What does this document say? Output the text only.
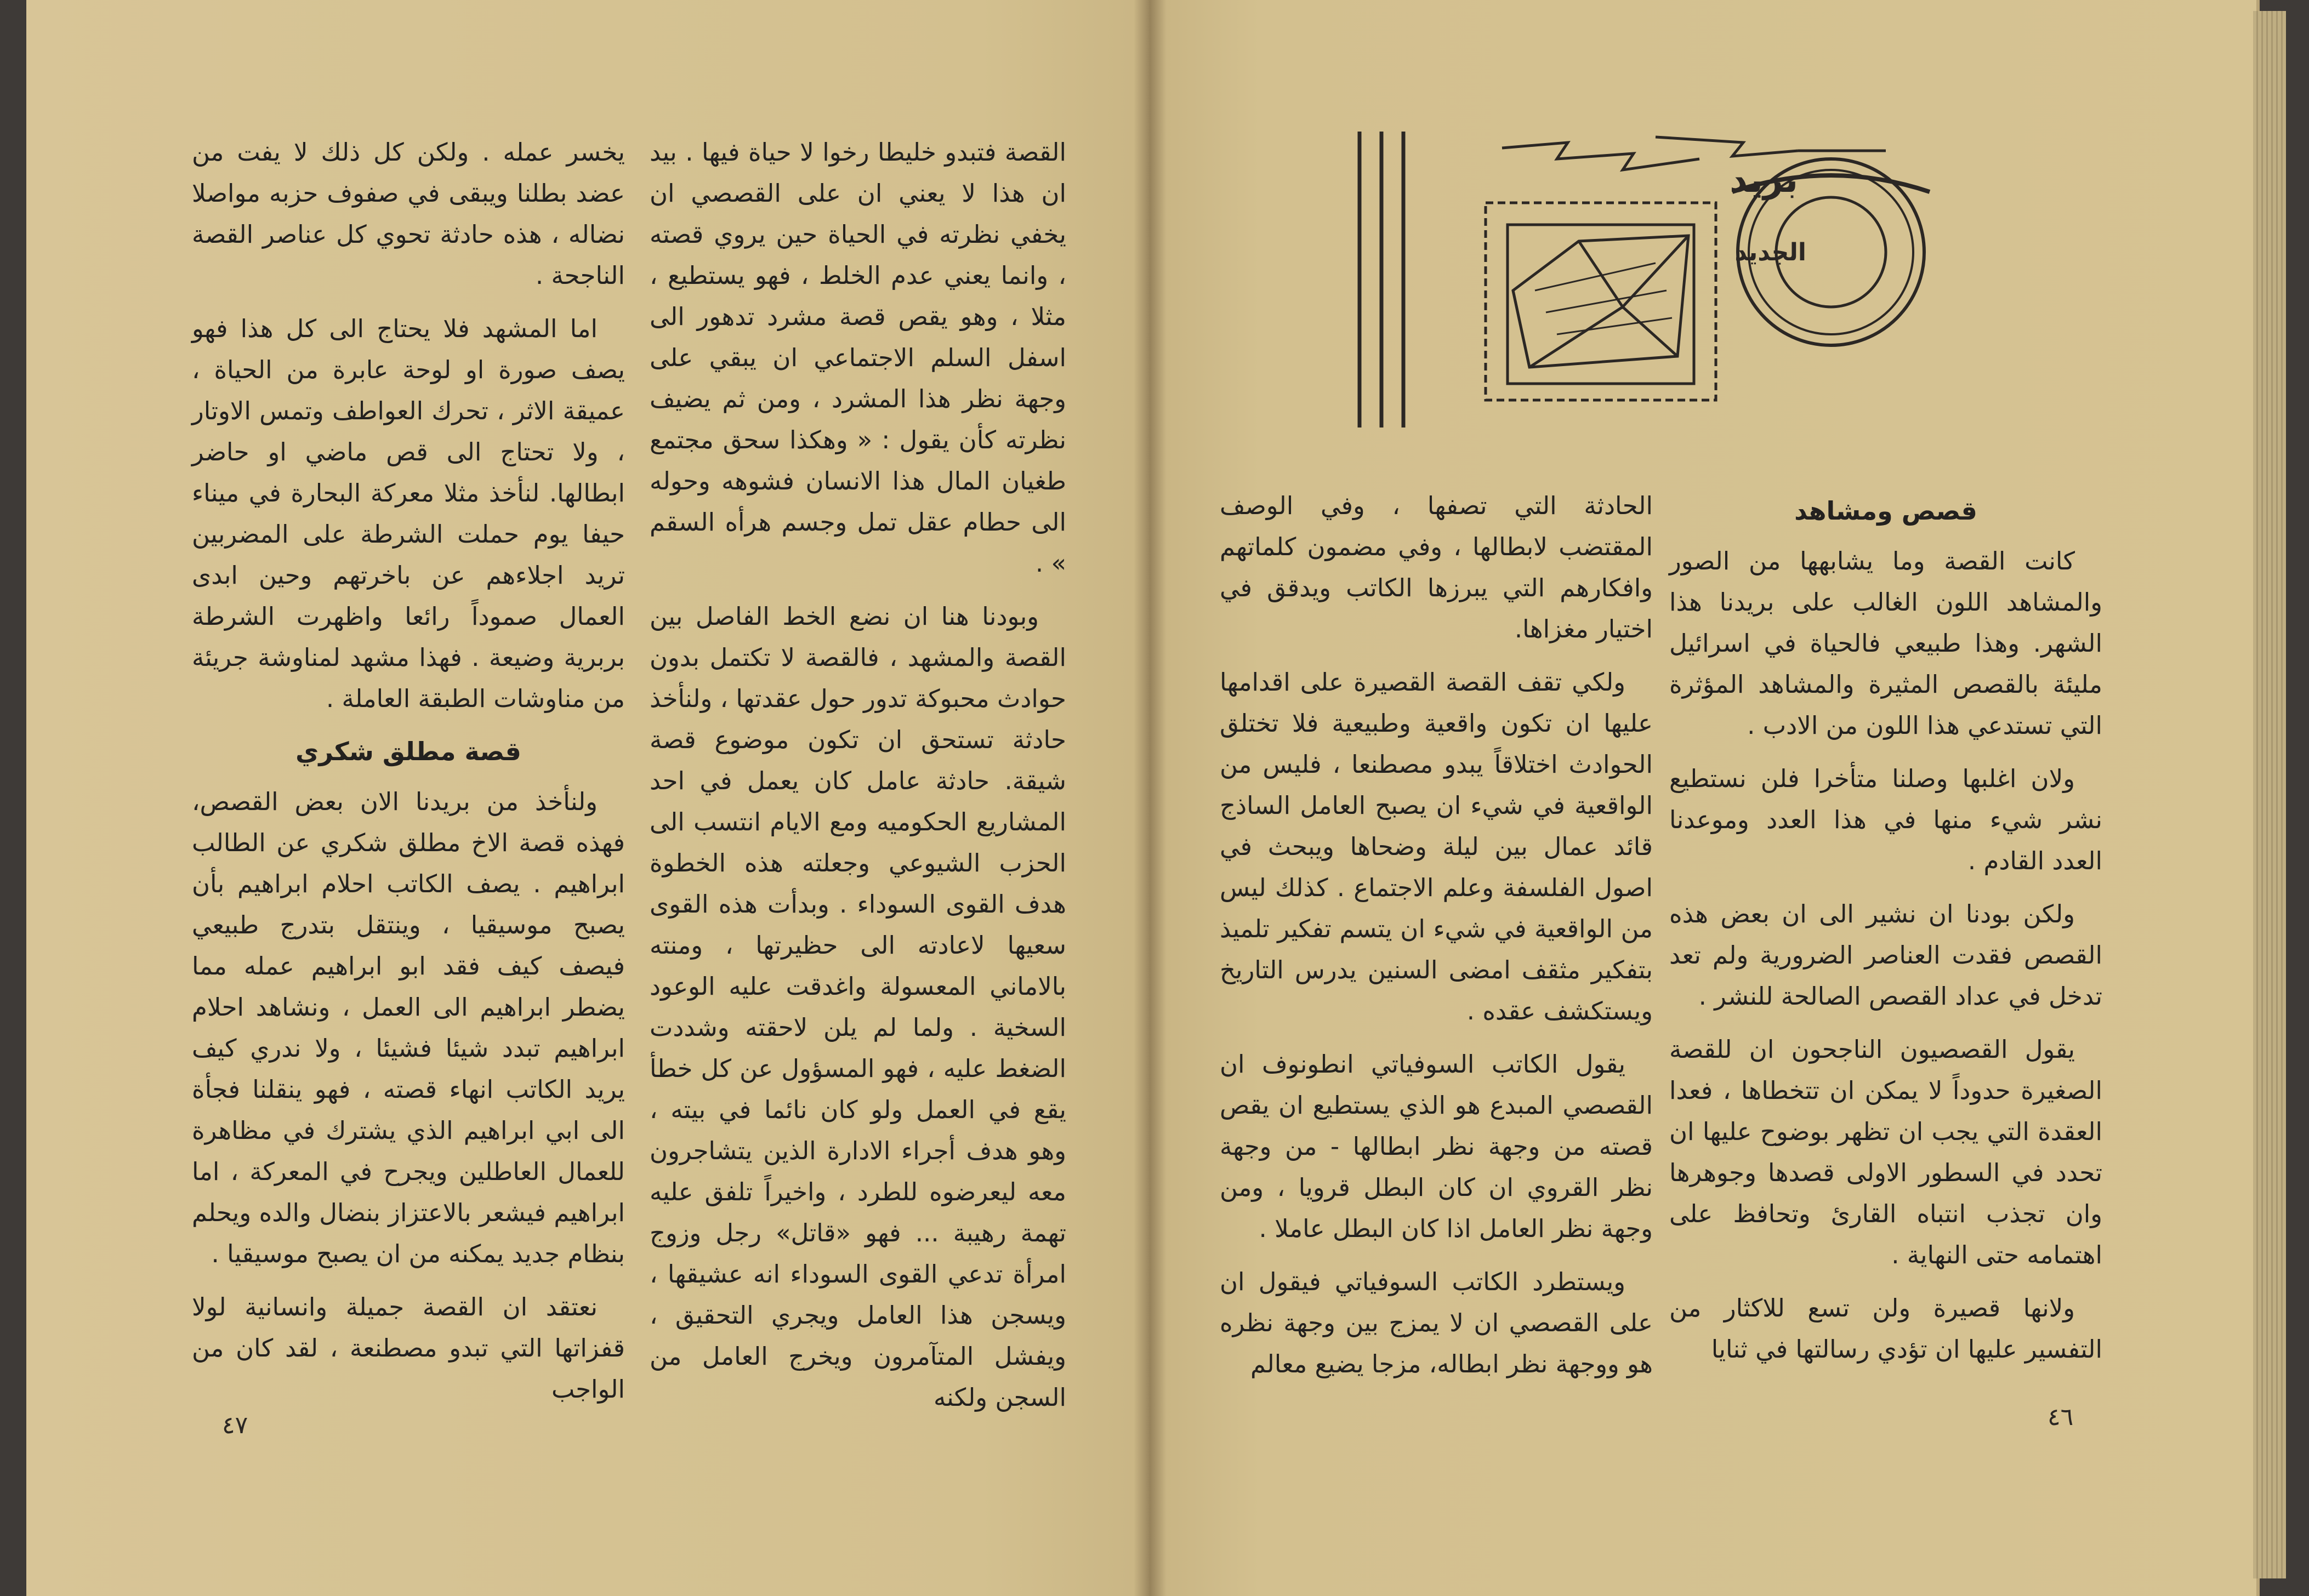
القصة فتبدو خليطا رخوا لا حياة فيها . بيد ان هذا لا يعني ان على القصصي ان يخفي نظرته في الحياة حين يروي قصته ، وانما يعني عدم الخلط ، فهو يستطيع ، مثلا ، وهو يقص قصة مشرد تدهور الى اسفل السلم الاجتماعي ان يبقي على وجهة نظر هذا المشرد ، ومن ثم يضيف نظرته كأن يقول : « وهكذا سحق مجتمع طغيان المال هذا الانسان فشوهه وحوله الى حطام عقل تمل وجسم هرأه السقم » .

وبودنا هنا ان نضع الخط الفاصل بين القصة والمشهد ، فالقصة لا تكتمل بدون حوادث محبوكة تدور حول عقدتها ، ولنأخذ حادثة تستحق ان تكون موضوع قصة شيقة. حادثة عامل كان يعمل في احد المشاريع الحكوميه ومع الايام انتسب الى الحزب الشيوعي وجعلته هذه الخطوة هدف القوى السوداء . وبدأت هذه القوى سعيها لاعادته الى حظيرتها ، ومنته بالاماني المعسولة واغدقت عليه الوعود السخية . ولما لم يلن لاحقته وشددت الضغط عليه ، فهو المسؤول عن كل خطأ يقع في العمل ولو كان نائما في بيته ، وهو هدف أجراء الادارة الذين يتشاجرون معه ليعرضوه للطرد ، واخيراً تلفق عليه تهمة رهيبة ... فهو «قاتل» رجل وزوج امرأة تدعي القوى السوداء انه عشيقها ، ويسجن هذا العامل ويجري التحقيق ، ويفشل المتآمرون ويخرج العامل من السجن ولكنه

يخسر عمله . ولكن كل ذلك لا يفت من عضد بطلنا ويبقى في صفوف حزبه مواصلا نضاله ، هذه حادثة تحوي كل عناصر القصة الناجحة .

اما المشهد فلا يحتاج الى كل هذا فهو يصف صورة او لوحة عابرة من الحياة ، عميقة الاثر ، تحرك العواطف وتمس الاوتار ، ولا تحتاج الى قص ماضي او حاضر ابطالها. لنأخذ مثلا معركة البحارة في ميناء حيفا يوم حملت الشرطة على المضربين تريد اجلاءهم عن باخرتهم وحين ابدى العمال صموداً رائعا واظهرت الشرطة بربرية وضيعة . فهذا مشهد لمناوشة جريئة من مناوشات الطبقة العاملة .

قصة مطلق شكري

ولنأخذ من بريدنا الان بعض القصص، فهذه قصة الاخ مطلق شكري عن الطالب ابراهيم . يصف الكاتب احلام ابراهيم بأن يصبح موسيقيا ، وينتقل بتدرج طبيعي فيصف كيف فقد ابو ابراهيم عمله مما يضطر ابراهيم الى العمل ، ونشاهد احلام ابراهيم تبدد شيئا فشيئا ، ولا ندري كيف يريد الكاتب انهاء قصته ، فهو ينقلنا فجأة الى ابي ابراهيم الذي يشترك في مظاهرة للعمال العاطلين ويجرح في المعركة ، اما ابراهيم فيشعر بالاعتزاز بنضال والده ويحلم بنظام جديد يمكنه من ان يصبح موسيقيا .

نعتقد ان القصة جميلة وانسانية لولا قفزاتها التي تبدو مصطنعة ، لقد كان من الواجب

٤٧
بريد
الجديد
قصص ومشاهد

كانت القصة وما يشابهها من الصور والمشاهد اللون الغالب على بريدنا هذا الشهر. وهذا طبيعي فالحياة في اسرائيل مليئة بالقصص المثيرة والمشاهد المؤثرة التي تستدعي هذا اللون من الادب .

ولان اغلبها وصلنا متأخرا فلن نستطيع نشر شيء منها في هذا العدد وموعدنا العدد القادم .

ولكن بودنا ان نشير الى ان بعض هذه القصص فقدت العناصر الضرورية ولم تعد تدخل في عداد القصص الصالحة للنشر .

يقول القصصيون الناجحون ان للقصة الصغيرة حدوداً لا يمكن ان تتخطاها ، فعدا العقدة التي يجب ان تظهر بوضوح عليها ان تحدد في السطور الاولى قصدها وجوهرها وان تجذب انتباه القارئ وتحافظ على اهتمامه حتى النهاية .

ولانها قصيرة ولن تسع للاكثار من التفسير عليها ان تؤدي رسالتها في ثنايا

الحادثة التي تصفها ، وفي الوصف المقتضب لابطالها ، وفي مضمون كلماتهم وافكارهم التي يبرزها الكاتب ويدقق في اختيار مغزاها.

ولكي تقف القصة القصيرة على اقدامها عليها ان تكون واقعية وطبيعية فلا تختلق الحوادث اختلاقاً يبدو مصطنعا ، فليس من الواقعية في شيء ان يصبح العامل الساذج قائد عمال بين ليلة وضحاها ويبحث في اصول الفلسفة وعلم الاجتماع . كذلك ليس من الواقعية في شيء ان يتسم تفكير تلميذ بتفكير مثقف امضى السنين يدرس التاريخ ويستكشف عقده .

يقول الكاتب السوفياتي انطونوف ان القصصي المبدع هو الذي يستطيع ان يقص قصته من وجهة نظر ابطالها - من وجهة نظر القروي ان كان البطل قرويا ، ومن وجهة نظر العامل اذا كان البطل عاملا .

ويستطرد الكاتب السوفياتي فيقول ان على القصصي ان لا يمزج بين وجهة نظره هو ووجهة نظر ابطاله، مزجا يضيع معالم

٤٦
